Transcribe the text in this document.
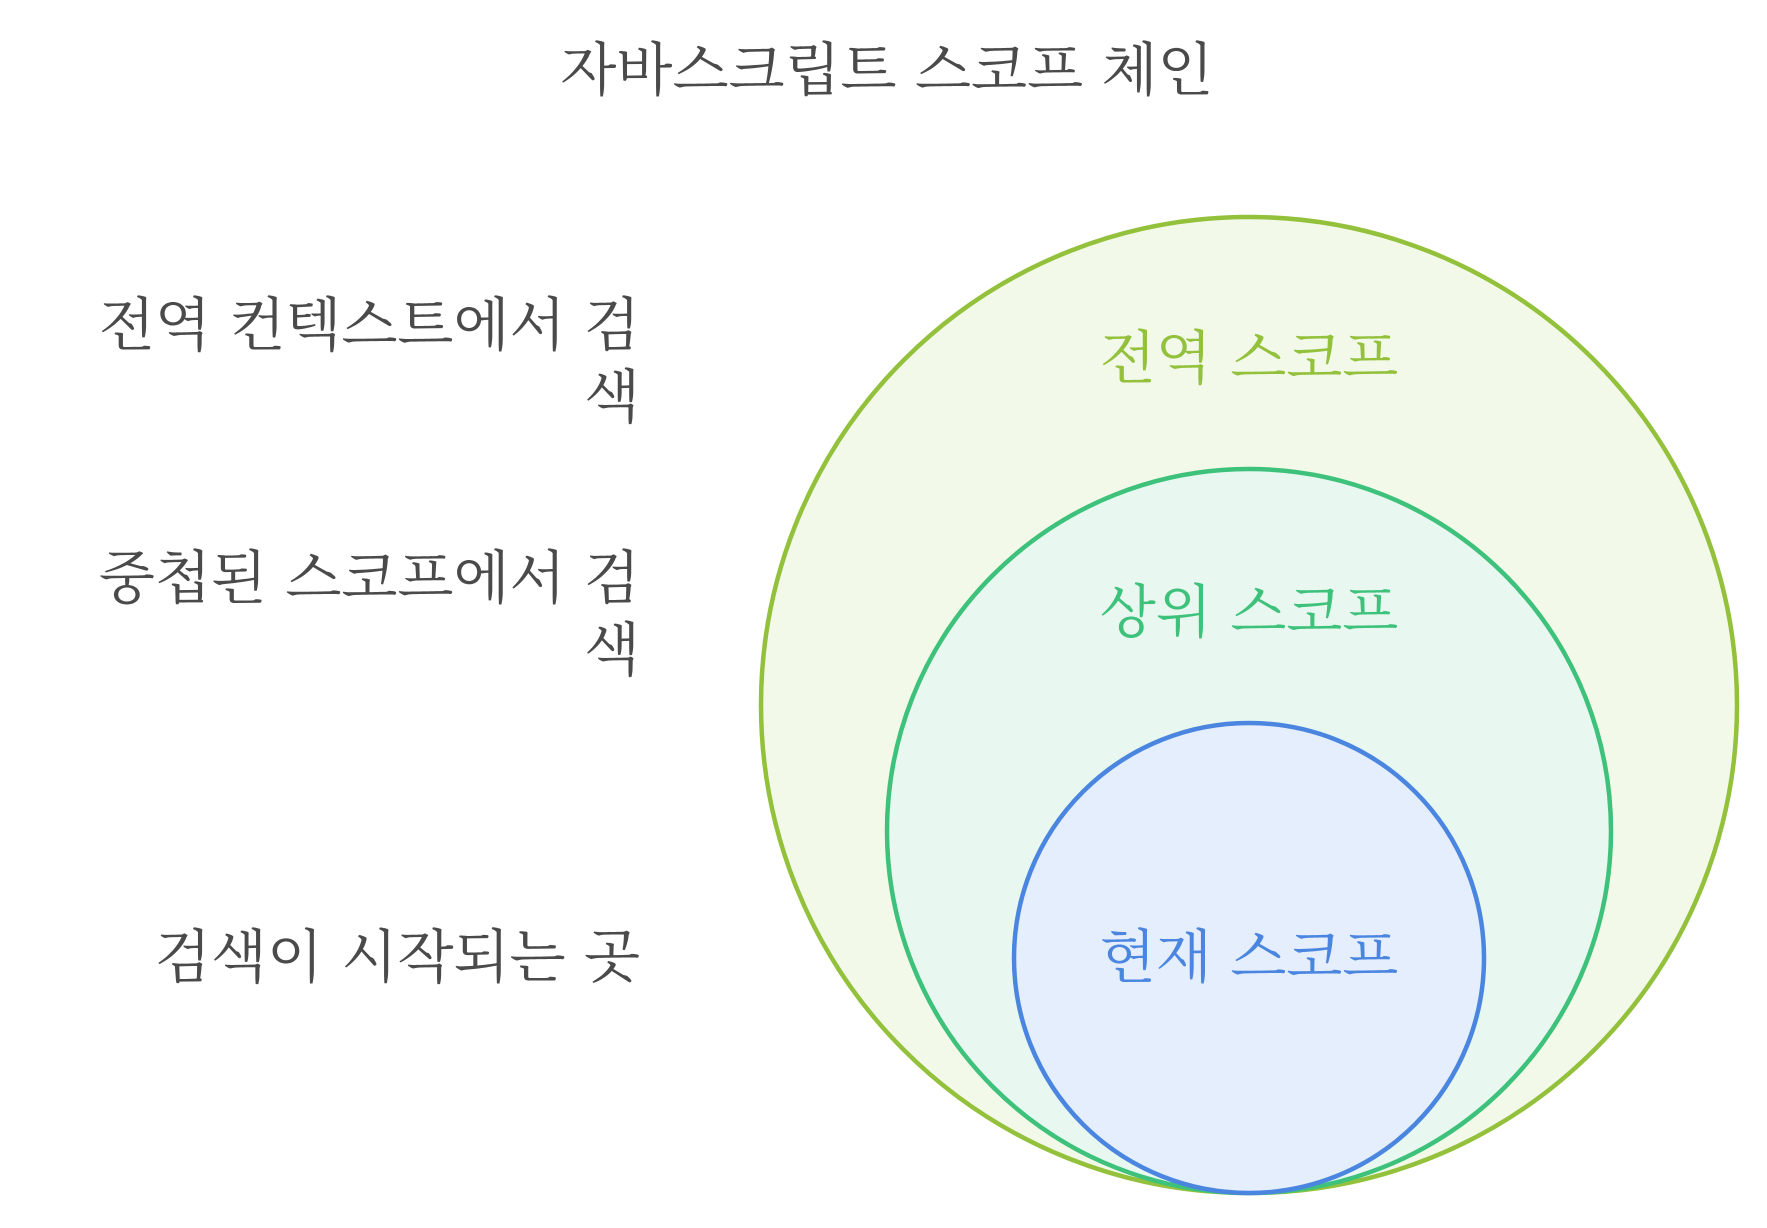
자바스크립트 스코프 체인
전역 스코프
상위 스코프
현재 스코프
전역 컨텍스트에서 검
색
중첩된 스코프에서 검
색
검색이 시작되는 곳
